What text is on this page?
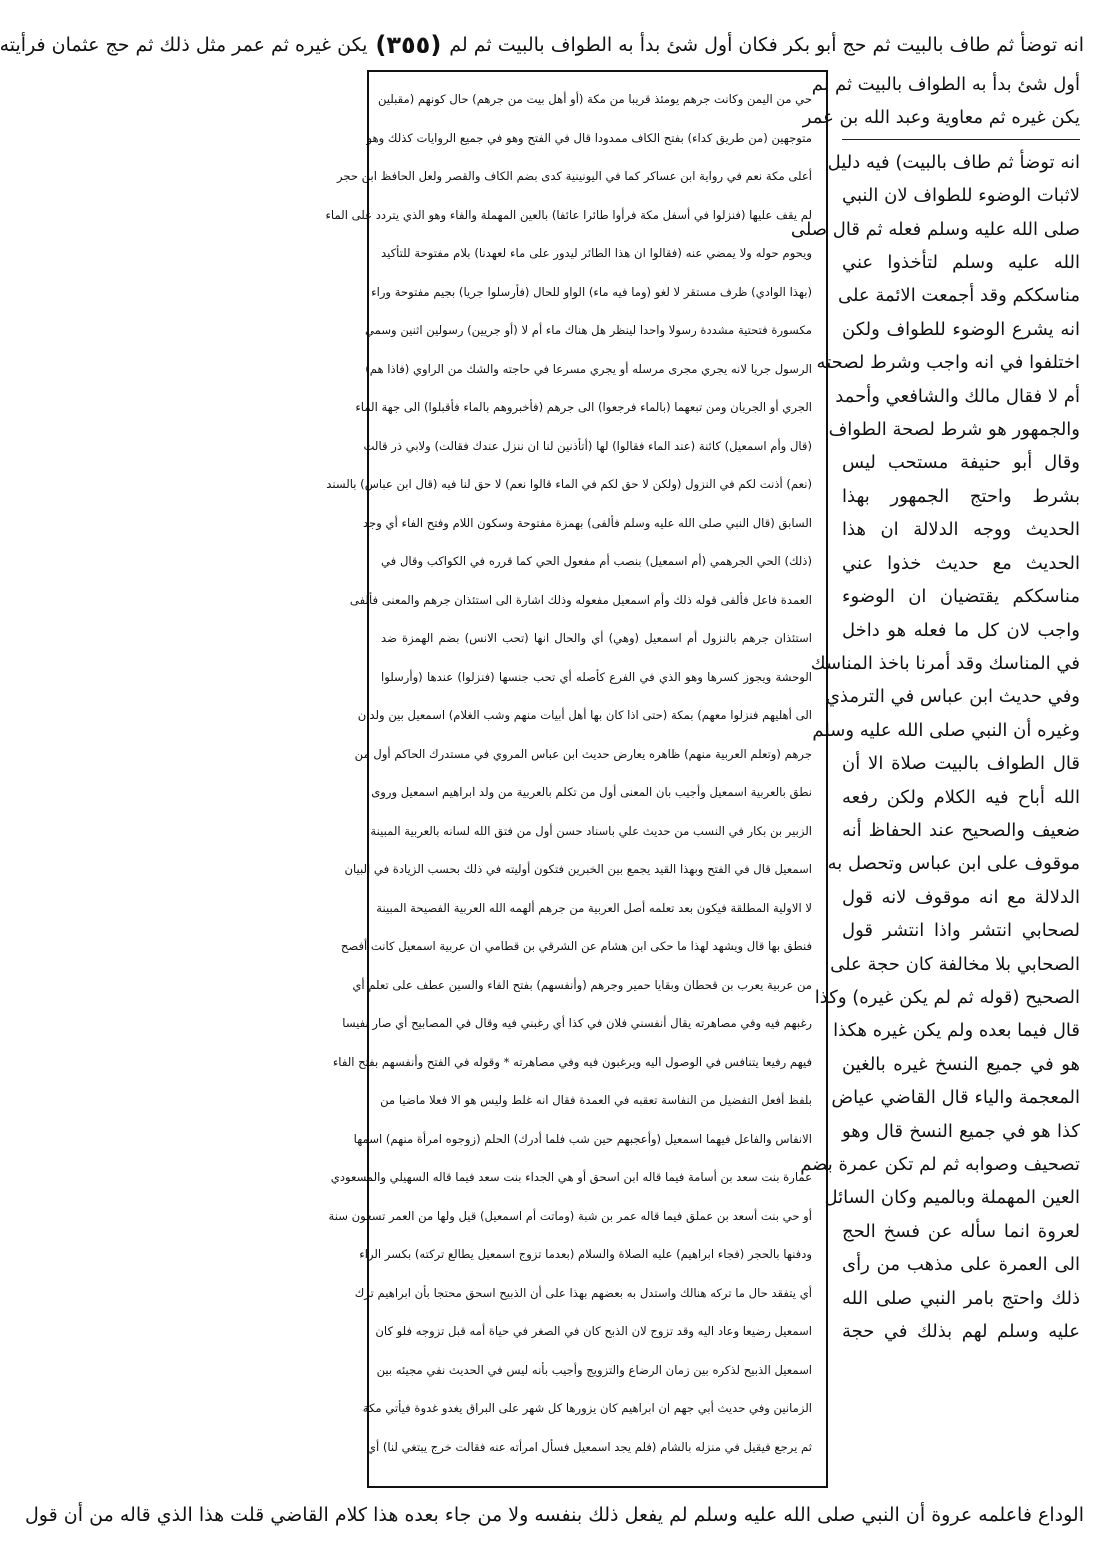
انه توضأ ثم طاف بالبيت ثم حج أبو بكر فكان أول شئ بدأ به الطواف بالبيت ثم لم
(٣٥٥)
يكن غيره ثم عمر مثل ذلك ثم حج عثمان فرأيته
أول شئ بدأ به الطواف بالبيت ثم لم
يكن غيره ثم معاوية وعبد الله بن عمر
انه توضأ ثم طاف بالبيت) فيه دليل
لاثبات الوضوء للطواف لان النبي
صلى الله عليه وسلم فعله ثم قال صلى
الله عليه وسلم لتأخذوا عني
مناسككم وقد أجمعت الائمة على
انه يشرع الوضوء للطواف ولكن
اختلفوا في انه واجب وشرط لصحته
أم لا فقال مالك والشافعي وأحمد
والجمهور هو شرط لصحة الطواف
وقال أبو حنيفة مستحب ليس
بشرط واحتج الجمهور بهذا
الحديث ووجه الدلالة ان هذا
الحديث مع حديث خذوا عني
مناسككم يقتضيان ان الوضوء
واجب لان كل ما فعله هو داخل
في المناسك وقد أمرنا باخذ المناسك
وفي حديث ابن عباس في الترمذي
وغيره أن النبي صلى الله عليه وسلم
قال الطواف بالبيت صلاة الا أن
الله أباح فيه الكلام ولكن رفعه
ضعيف والصحيح عند الحفاظ أنه
موقوف على ابن عباس وتحصل به
الدلالة مع انه موقوف لانه قول
لصحابي انتشر واذا انتشر قول
الصحابي بلا مخالفة كان حجة على
الصحيح (قوله ثم لم يكن غيره) وكذا
قال فيما بعده ولم يكن غيره هكذا
هو في جميع النسخ غيره بالغين
المعجمة والياء قال القاضي عياض
كذا هو في جميع النسخ قال وهو
تصحيف وصوابه ثم لم تكن عمرة بضم
العين المهملة وبالميم وكان السائل
لعروة انما سأله عن فسخ الحج
الى العمرة على مذهب من رأى
ذلك واحتج بامر النبي صلى الله
عليه وسلم لهم بذلك في حجة
حي من اليمن وكانت جرهم يومئذ قريبا من مكة (أو أهل بيت من جرهم) حال كونهم (مقبلين
متوجهين (من طريق كداء) بفتح الكاف ممدودا قال في الفتح وهو في جميع الروايات كذلك وهو
أعلى مكة نعم في رواية ابن عساكر كما في اليونينية كدى بضم الكاف والقصر ولعل الحافظ ابن حجر
لم يقف عليها (فنزلوا في أسفل مكة فرأوا طائرا عائفا) بالعين المهملة والفاء وهو الذي يتردد على الماء
ويحوم حوله ولا يمضي عنه (فقالوا ان هذا الطائر ليدور على ماء لعهدنا) بلام مفتوحة للتأكيد
(بهذا الوادي) ظرف مستقر لا لغو (وما فيه ماء) الواو للحال (فأرسلوا جريا) بجيم مفتوحة وراء
مكسورة فتحتية مشددة رسولا واحدا لينظر هل هناك ماء أم لا (أو جريين) رسولين اثنين وسمي
الرسول جريا لانه يجري مجرى مرسله أو يجري مسرعا في حاجته والشك من الراوي (فاذا هم)
الجري أو الجريان ومن تبعهما (بالماء فرجعوا) الى جرهم (فأخبروهم بالماء فأقبلوا) الى جهة الماء
(قال وأم اسمعيل) كائنة (عند الماء فقالوا) لها (أتأذنين لنا ان ننزل عندك فقالت) ولابي ذر قالت
(نعم) أذنت لكم في النزول (ولكن لا حق لكم في الماء قالوا نعم) لا حق لنا فيه (قال ابن عباس) بالسند
السابق (قال النبي صلى الله عليه وسلم فألفى) بهمزة مفتوحة وسكون اللام وفتح الفاء أي وجد
(ذلك) الحي الجرهمي (أم اسمعيل) بنصب أم مفعول الحي كما قرره في الكواكب وقال في
العمدة فاعل فألفى قوله ذلك وأم اسمعيل مفعوله وذلك اشارة الى استئذان جرهم والمعنى فألفى
استئذان جرهم بالنزول أم اسمعيل (وهي) أي والحال انها (تحب الانس) بضم الهمزة ضد
الوحشة ويجوز كسرها وهو الذي في الفرع كأصله أي تحب جنسها (فنزلوا) عندها (وأرسلوا
الى أهليهم فنزلوا معهم) بمكة (حتى اذا كان بها أهل أبيات منهم وشب الغلام) اسمعيل بين ولدان
جرهم (وتعلم العربية منهم) ظاهره يعارض حديث ابن عباس المروي في مستدرك الحاكم أول من
نطق بالعربية اسمعيل وأجيب بان المعنى أول من تكلم بالعربية من ولد ابراهيم اسمعيل وروى
الزبير بن بكار في النسب من حديث علي باسناد حسن أول من فتق الله لسانه بالعربية المبينة
اسمعيل قال في الفتح وبهذا القيد يجمع بين الخبرين فتكون أوليته في ذلك بحسب الزيادة في البيان
لا الاولية المطلقة فيكون بعد تعلمه أصل العربية من جرهم ألهمه الله العربية الفصيحة المبينة
فنطق بها قال ويشهد لهذا ما حكى ابن هشام عن الشرقي بن قطامي ان عربية اسمعيل كانت أفصح
من عربية يعرب بن قحطان وبقايا حمير وجرهم (وأنفسهم) بفتح الفاء والسين عطف على تعلم أي
رغبهم فيه وفي مصاهرته يقال أنفسني فلان في كذا أي رغبني فيه وقال في المصابيح أي صار نفيسا
فيهم رفيعا يتنافس في الوصول اليه ويرغبون فيه وفي مصاهرته * وقوله في الفتح وأنفسهم بفتح الفاء
بلفظ أفعل التفضيل من النفاسة تعقبه في العمدة فقال انه غلط وليس هو الا فعلا ماضيا من
الانفاس والفاعل فيهما اسمعيل (وأعجبهم حين شب فلما أدرك) الحلم (زوجوه امرأة منهم) اسمها
عمارة بنت سعد بن أسامة فيما قاله ابن اسحق أو هي الجداء بنت سعد فيما قاله السهيلي والمسعودي
أو حي بنت أسعد بن عملق فيما قاله عمر بن شبة (وماتت أم اسمعيل) قيل ولها من العمر تسعون سنة
ودفنها بالحجر (فجاء ابراهيم) عليه الصلاة والسلام (بعدما تزوج اسمعيل يطالع تركته) بكسر الراء
أي يتفقد حال ما تركه هنالك واستدل به بعضهم بهذا على أن الذبيح اسحق محتجا بأن ابراهيم ترك
اسمعيل رضيعا وعاد اليه وقد تزوج لان الذبح كان في الصغر في حياة أمه قبل تزوجه فلو كان
اسمعيل الذبيح لذكره بين زمان الرضاع والتزويج وأجيب بأنه ليس في الحديث نفي مجيئه بين
الزمانين وفي حديث أبي جهم ان ابراهيم كان يزورها كل شهر على البراق يغدو غدوة فيأتي مكة
ثم يرجع فيقيل في منزله بالشام (فلم يجد اسمعيل فسأل امرأته عنه فقالت خرج يبتغي لنا) أي
الوداع فاعلمه عروة أن النبي صلى الله عليه وسلم لم يفعل ذلك بنفسه ولا من جاء بعده هذا كلام القاضي قلت هذا الذي قاله من أن قول
